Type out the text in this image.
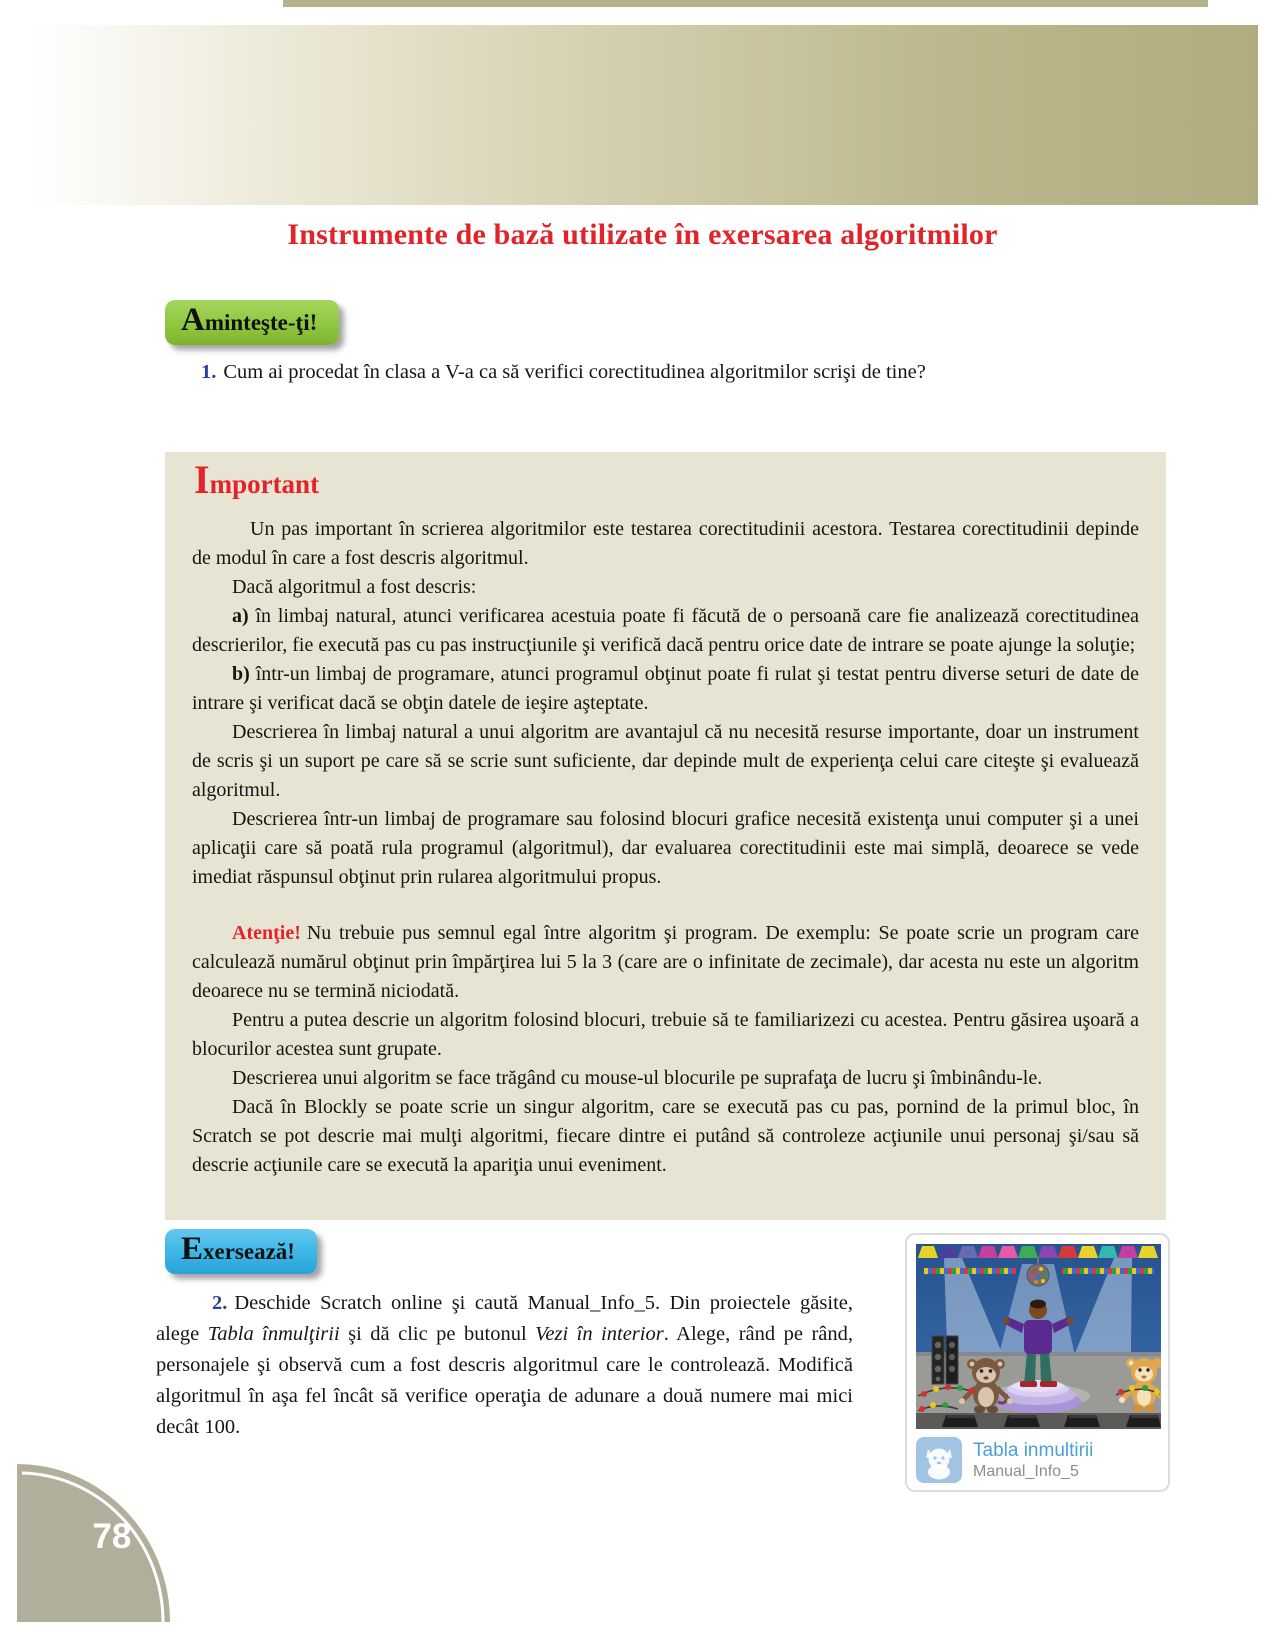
Instrumente de bază utilizate în exersarea algoritmilor
Aminteşte-ţi!

1. Cum ai procedat în clasa a V-a ca să verifici corectitudinea algoritmilor scrişi de tine?

Important

Un pas important în scrierea algoritmilor este testarea corectitudinii acestora. Testarea corectitudinii depinde de modul în care a fost descris algoritmul.

Dacă algoritmul a fost descris:

a) în limbaj natural, atunci verificarea acestuia poate fi făcută de o persoană care fie analizează corectitudinea descrierilor, fie execută pas cu pas instrucţiunile şi verifică dacă pentru orice date de intrare se poate ajunge la soluţie;

b) într-un limbaj de programare, atunci programul obţinut poate fi rulat şi testat pentru diverse seturi de date de intrare şi verificat dacă se obţin datele de ieşire aşteptate.

Descrierea în limbaj natural a unui algoritm are avantajul că nu necesită resurse importante, doar un instrument de scris şi un suport pe care să se scrie sunt suficiente, dar depinde mult de experienţa celui care citeşte şi evaluează algoritmul.

Descrierea într-un limbaj de programare sau folosind blocuri grafice necesită existenţa unui computer şi a unei aplicaţii care să poată rula programul (algoritmul), dar evaluarea corectitudinii este mai simplă, deoarece se vede imediat răspunsul obţinut prin rularea algoritmului propus.

Atenţie! Nu trebuie pus semnul egal între algoritm şi program. De exemplu: Se poate scrie un program care calculează numărul obţinut prin împărţirea lui 5 la 3 (care are o infinitate de zecimale), dar acesta nu este un algoritm deoarece nu se termină niciodată.

Pentru a putea descrie un algoritm folosind blocuri, trebuie să te familiarizezi cu acestea. Pentru găsirea uşoară a blocurilor acestea sunt grupate.

Descrierea unui algoritm se face trăgând cu mouse-ul blocurile pe suprafaţa de lucru şi îmbinându-le.

Dacă în Blockly se poate scrie un singur algoritm, care se execută pas cu pas, pornind de la primul bloc, în Scratch se pot descrie mai mulţi algoritmi, fiecare dintre ei putând să controleze acţiunile unui personaj şi/sau să descrie acţiunile care se execută la apariţia unui eveniment.

Tabla inmultirii
Manual_Info_5
Exersează!

2. Deschide Scratch online şi caută Manual_Info_5. Din proiectele găsite, alege Tabla înmulţirii şi dă clic pe butonul Vezi în interior. Alege, rând pe rând, personajele şi observă cum a fost descris algoritmul care le controlează. Modifică algoritmul în aşa fel încât să verifice operaţia de adunare a două numere mai mici decât 100.

78
